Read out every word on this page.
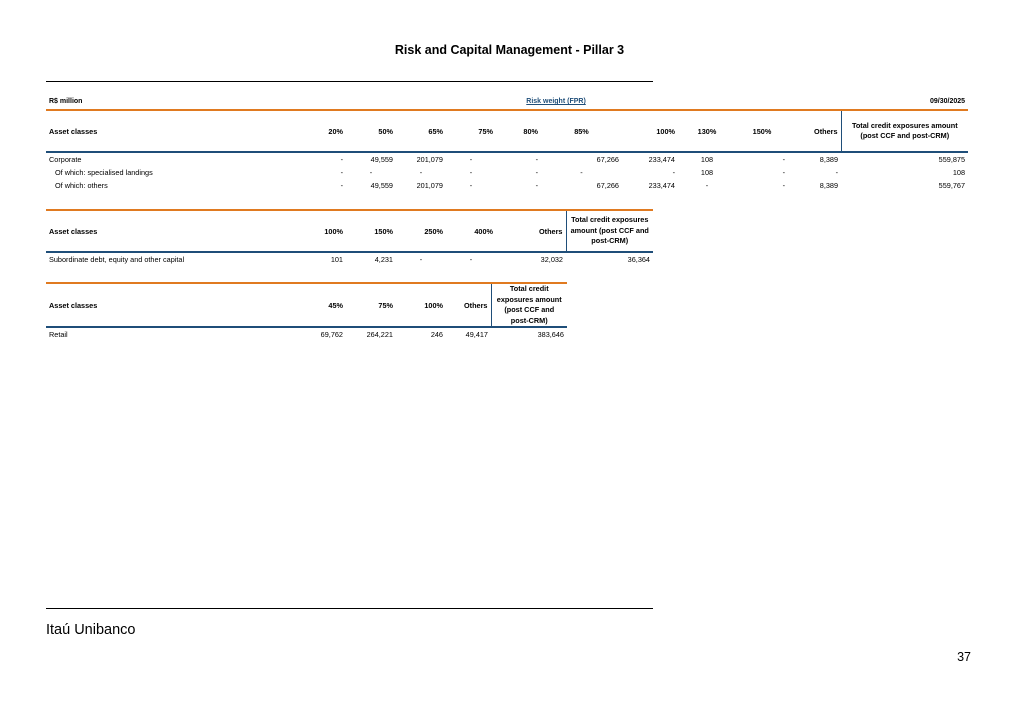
Risk and Capital Management - Pillar 3
R$ million	Risk weight (FPR)										09/30/2025
Asset classes	20%	50%	65%	75%	80%	85%	100%	130%	150%	Others	Total credit exposures amount (post CCF and post-CRM)
Corporate	-	49,559	201,079	-	-	67,266	233,474	108	-	8,389	559,875
Of which: specialised landings	-	-	-	-	-	-	-	108	-	-	108
Of which: others	-	49,559	201,079	-	-	67,266	233,474	-	-	8,389	559,767
Asset classes	100%	150%	250%	400%	Others	Total credit exposures amount (post CCF and post-CRM)
Subordinate debt, equity and other capital	101	4,231	-	-	32,032	36,364
Asset classes	45%	75%	100%	Others	Total credit exposures amount (post CCF and post-CRM)
Retail	69,762	264,221	246	49,417	383,646
Itaú Unibanco
37
